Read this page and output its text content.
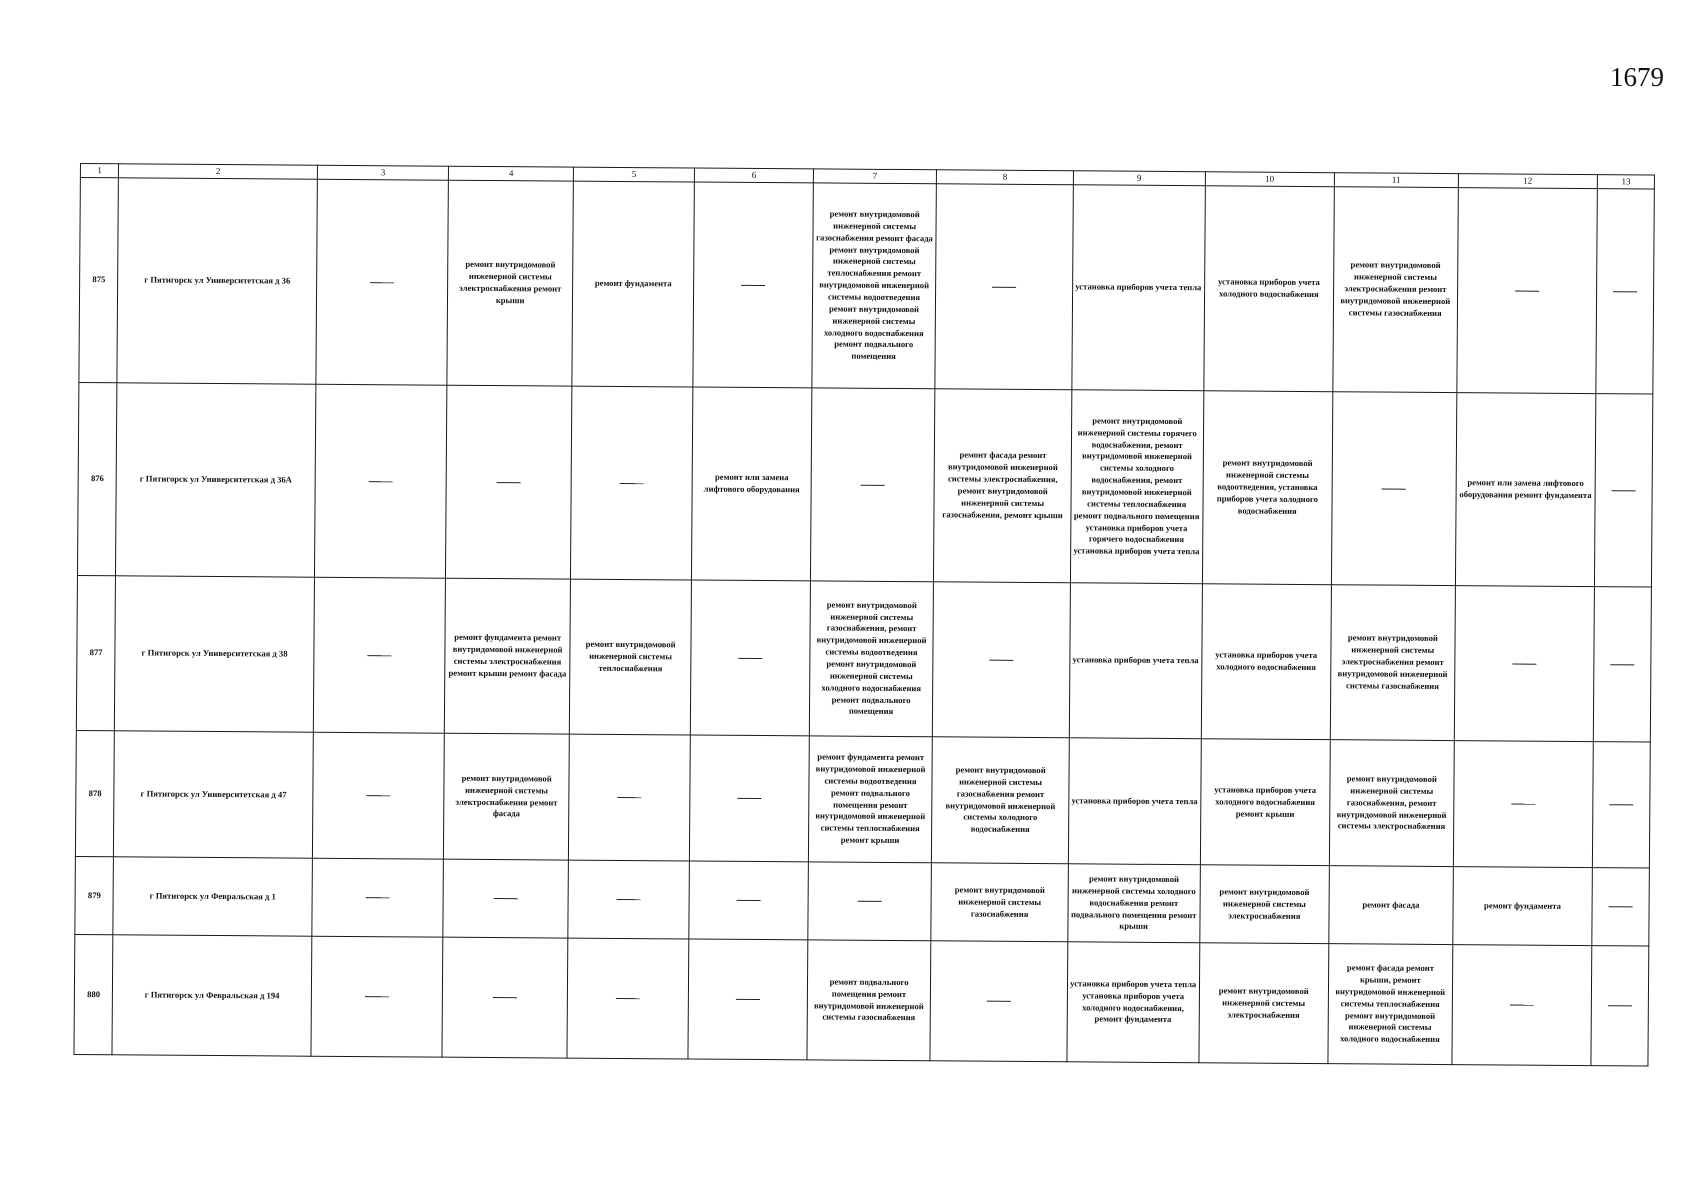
1679
1	2	3	4	5	6	7	8	9	10	11	12	13
875	г Пятигорск ул Университетская д 36		ремонт внутридомовой инженерной системы электроснабжения ремонт крыши	ремонт фундамента		ремонт внутридомовой инженерной системы газоснабжения ремонт фасада ремонт внутридомовой инженерной системы теплоснабжения ремонт внутридомовой инженерной системы водоотведения ремонт внутридомовой инженерной системы холодного водоснабжения ремонт подвального помещения		установка приборов учета тепла	установка приборов учета холодного водоснабжения	ремонт внутридомовой инженерной системы электроснабжения ремонт внутридомовой инженерной системы газоснабжения		
876	г Пятигорск ул Университетская д 36А				ремонт или замена лифтового оборудования		ремонт фасада ремонт внутридомовой инженерной системы электроснабжения, ремонт внутридомовой инженерной системы газоснабжения, ремонт крыши	ремонт внутридомовой инженерной системы горячего водоснабжения, ремонт внутридомовой инженерной системы холодного водоснабжения, ремонт внутридомовой инженерной системы теплоснабжения ремонт подвального помещения установка приборов учета горячего водоснабжения установка приборов учета тепла	ремонт внутридомовой инженерной системы водоотведения, установка приборов учета холодного водоснабжения		ремонт или замена лифтового оборудования ремонт фундамента	
877	г Пятигорск ул Университетская д 38		ремонт фундамента ремонт внутридомовой инженерной системы электроснабжения ремонт крыши ремонт фасада	ремонт внутридомовой инженерной системы теплоснабжения		ремонт внутридомовой инженерной системы газоснабжения, ремонт внутридомовой инженерной системы водоотведения ремонт внутридомовой инженерной системы холодного водоснабжения ремонт подвального помещения		установка приборов учета тепла	установка приборов учета холодного водоснабжения	ремонт внутридомовой инженерной системы электроснабжения ремонт внутридомовой инженерной системы газоснабжения		
878	г Пятигорск ул Университетская д 47		ремонт внутридомовой инженерной системы электроснабжения ремонт фасада			ремонт фундамента ремонт внутридомовой инженерной системы водоотведения ремонт подвального помещения ремонт внутридомовой инженерной системы теплоснабжения ремонт крыши	ремонт внутридомовой инженерной системы газоснабжения ремонт внутридомовой инженерной системы холодного водоснабжения	установка приборов учета тепла	установка приборов учета холодного водоснабжения ремонт крыши	ремонт внутридомовой инженерной системы газоснабжения, ремонт внутридомовой инженерной системы электроснабжения		
879	г Пятигорск ул Февральская д 1						ремонт внутридомовой инженерной системы газоснабжения	ремонт внутридомовой инженерной системы холодного водоснабжения ремонт подвального помещения ремонт крыши	ремонт внутридомовой инженерной системы электроснабжения	ремонт фасада	ремонт фундамента	
880	г Пятигорск ул Февральская д 194					ремонт подвального помещения ремонт внутридомовой инженерной системы газоснабжения		установка приборов учета тепла установка приборов учета холодного водоснабжения, ремонт фундамента	ремонт внутридомовой инженерной системы электроснабжения	ремонт фасада ремонт крыши, ремонт внутридомовой инженерной системы теплоснабжения ремонт внутридомовой инженерной системы холодного водоснабжения		
